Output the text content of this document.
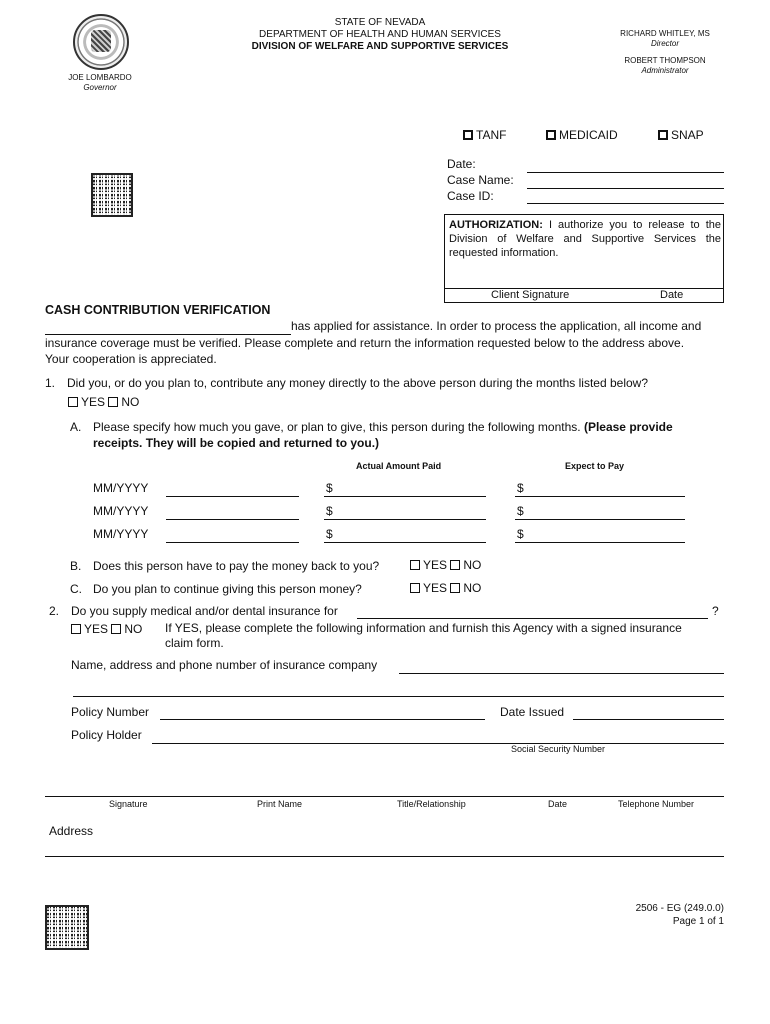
STATE OF NEVADA
DEPARTMENT OF HEALTH AND HUMAN SERVICES
DIVISION OF WELFARE AND SUPPORTIVE SERVICES
RICHARD WHITLEY, MS
Director
ROBERT THOMPSON
Administrator
JOE LOMBARDO
Governor
TANF	MEDICAID	SNAP
Date:
Case Name:
Case ID:
AUTHORIZATION: I authorize you to release to the Division of Welfare and Supportive Services the requested information.
Client Signature	Date
CASH CONTRIBUTION VERIFICATION
has applied for assistance. In order to process the application, all income and
insurance coverage must be verified. Please complete and return the information requested below to the address above.
Your cooperation is appreciated.
1. Did you, or do you plan to, contribute any money directly to the above person during the months listed below?
YES NO
A. Please specify how much you gave, or plan to give, this person during the following months. (Please provide
receipts. They will be copied and returned to you.)
Actual Amount Paid	Expect to Pay
MM/YYYY	$	$
MM/YYYY	$	$
MM/YYYY	$	$
B. Does this person have to pay the money back to you?	YES NO
C. Do you plan to continue giving this person money?	YES NO
2. Do you supply medical and/or dental insurance for	?
YES NO If YES, please complete the following information and furnish this Agency with a signed insurance
claim form.
Name, address and phone number of insurance company
Policy Number	Date Issued
Policy Holder
Social Security Number
Signature	Print Name	Title/Relationship	Date	Telephone Number
Address
2506 - EG (249.0.0)
Page 1 of 1
